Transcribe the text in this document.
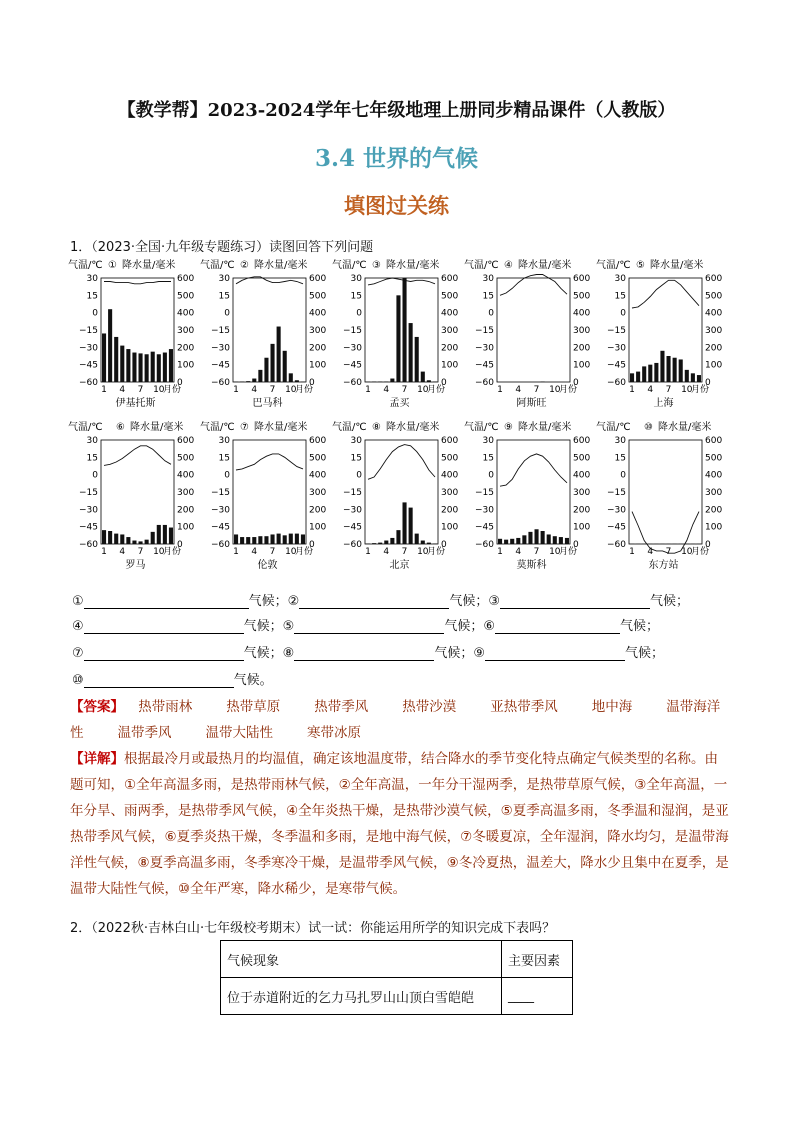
【教学帮】2023-2024学年七年级地理上册同步精品课件（人教版）
3.4 世界的气候
填图过关练
1．（2023·全国·九年级专题练习）读图回答下列问题
气温/℃ 降水量/毫米
①
30
15
0
−15
−30
−45
−60
600
500
400
300
200
100
0
1 4 7 10
月份
伊基托斯
气温/℃ 降水量/毫米
②
30
15
0
−15
−30
−45
−60
600
500
400
300
200
100
0
1 4 7 10
月份
巴马科
气温/℃ 降水量/毫米
③
30
15
0
−15
−30
−45
−60
600
500
400
300
200
100
0
1 4 7 10
月份
孟买
气温/℃ 降水量/毫米
④
30
15
0
−15
−30
−45
−60
600
500
400
300
200
100
0
1 4 7 10
月份
阿斯旺
气温/℃ 降水量/毫米
⑤
30
15
0
−15
−30
−45
−60
600
500
400
300
200
100
0
1 4 7 10
月份
上海
气温/℃	降水量/毫米
⑥
30
15
0
−15
−30
−45
−60
600
500
400
300
200
100
0
1 4 7 10
月份
罗马
气温/℃ 降水量/毫米
⑦
30
15
0
−15
−30
−45
−60
600
500
400
300
200
100
0
1 4 7 10
月份
伦敦
气温/℃ 降水量/毫米
⑧
30
15
0
−15
−30
−45
−60
600
500
400
300
200
100
0
1 4 7 10
月份
北京
气温/℃ 降水量/毫米
⑨
30
15
0
−15
−30
−45
−60
600
500
400
300
200
100
0
1 4 7 10
月份
莫斯科
气温/℃	降水量/毫米
⑩
30
15
0
−15
−30
−45
−60
600
500
400
300
200
100
0
1 4 7 10
月份
东方站
①	气候；②	气候；③	气候；
④	气候；⑤	气候；⑥	气候；
⑦	气候；⑧	气候；⑨	气候；
⑩	气候。
【答案】 热带雨林	热带草原	热带季风	热带沙漠	亚热带季风	地中海	温带海洋性	温带季风	温带大陆性	寒带冰原
【详解】根据最冷月或最热月的均温值，确定该地温度带，结合降水的季节变化特点确定气候类型的名称。由题可知，①全年高温多雨，是热带雨林气候，②全年高温，一年分干湿两季，是热带草原气候，③全年高温，一年分旱、雨两季，是热带季风气候，④全年炎热干燥，是热带沙漠气候，⑤夏季高温多雨，冬季温和湿润，是亚热带季风气候，⑥夏季炎热干燥，冬季温和多雨，是地中海气候，⑦冬暖夏凉，全年湿润，降水均匀，是温带海洋性气候，⑧夏季高温多雨，冬季寒冷干燥，是温带季风气候，⑨冬冷夏热，温差大，降水少且集中在夏季，是温带大陆性气候，⑩全年严寒，降水稀少，是寒带气候。
2．（2022秋·吉林白山·七年级校考期末）试一试：你能运用所学的知识完成下表吗？
气候现象	主要因素
位于赤道附近的乞力马扎罗山山顶白雪皑皑	____
